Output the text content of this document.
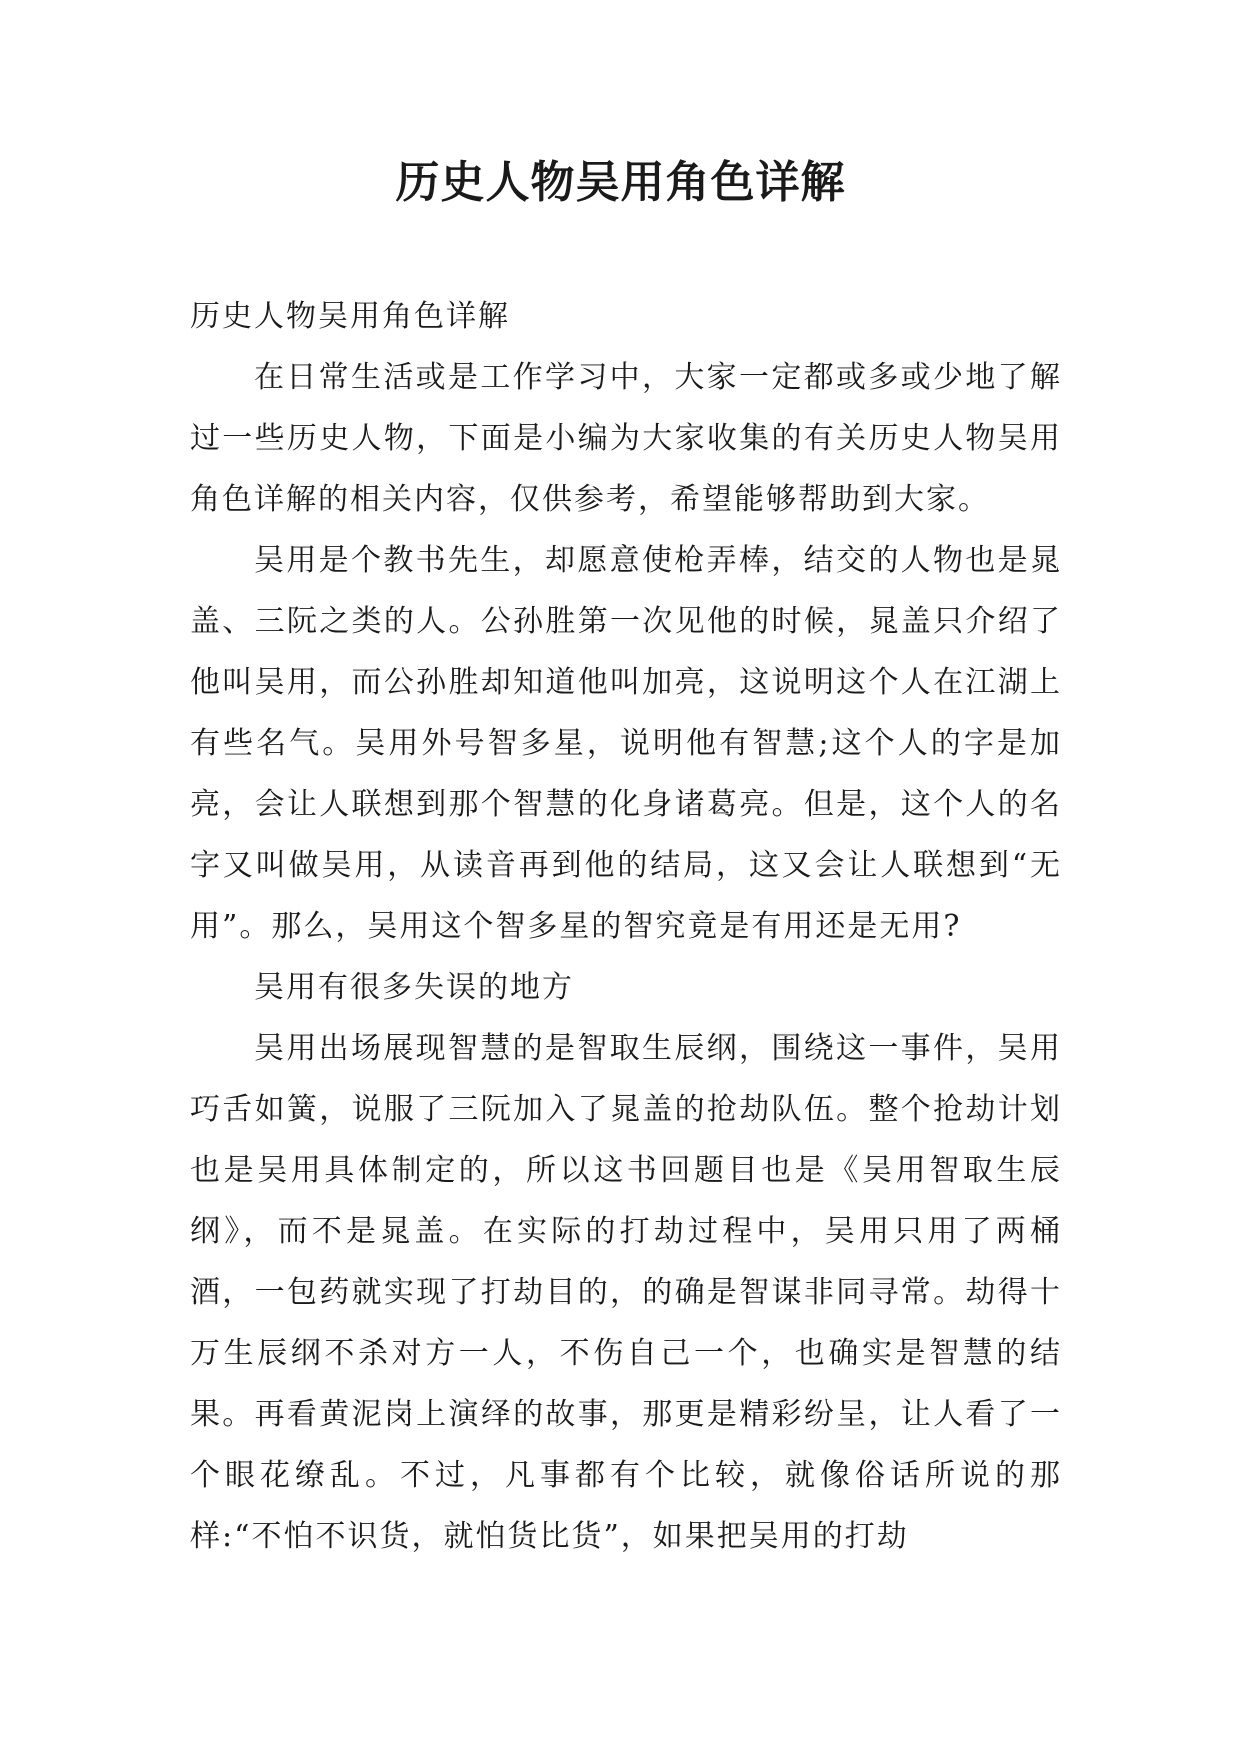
历史人物吴用角色详解

历史人物吴用角色详解

在日常生活或是工作学习中，大家一定都或多或少地了解过一些历史人物，下面是小编为大家收集的有关历史人物吴用角色详解的相关内容，仅供参考，希望能够帮助到大家。

吴用是个教书先生，却愿意使枪弄棒，结交的人物也是晁盖、三阮之类的人。公孙胜第一次见他的时候，晁盖只介绍了他叫吴用，而公孙胜却知道他叫加亮，这说明这个人在江湖上有些名气。吴用外号智多星，说明他有智慧;这个人的字是加亮，会让人联想到那个智慧的化身诸葛亮。但是，这个人的名字又叫做吴用，从读音再到他的结局，这又会让人联想到“无用”。那么，吴用这个智多星的智究竟是有用还是无用?

吴用有很多失误的地方

吴用出场展现智慧的是智取生辰纲，围绕这一事件，吴用巧舌如簧，说服了三阮加入了晁盖的抢劫队伍。整个抢劫计划也是吴用具体制定的，所以这书回题目也是《吴用智取生辰纲》，而不是晁盖。在实际的打劫过程中，吴用只用了两桶酒，一包药就实现了打劫目的，的确是智谋非同寻常。劫得十万生辰纲不杀对方一人，不伤自己一个，也确实是智慧的结果。再看黄泥岗上演绎的故事，那更是精彩纷呈，让人看了一个眼花缭乱。不过，凡事都有个比较，就像俗话所说的那样:“不怕不识货，就怕货比货”，如果把吴用的打劫
